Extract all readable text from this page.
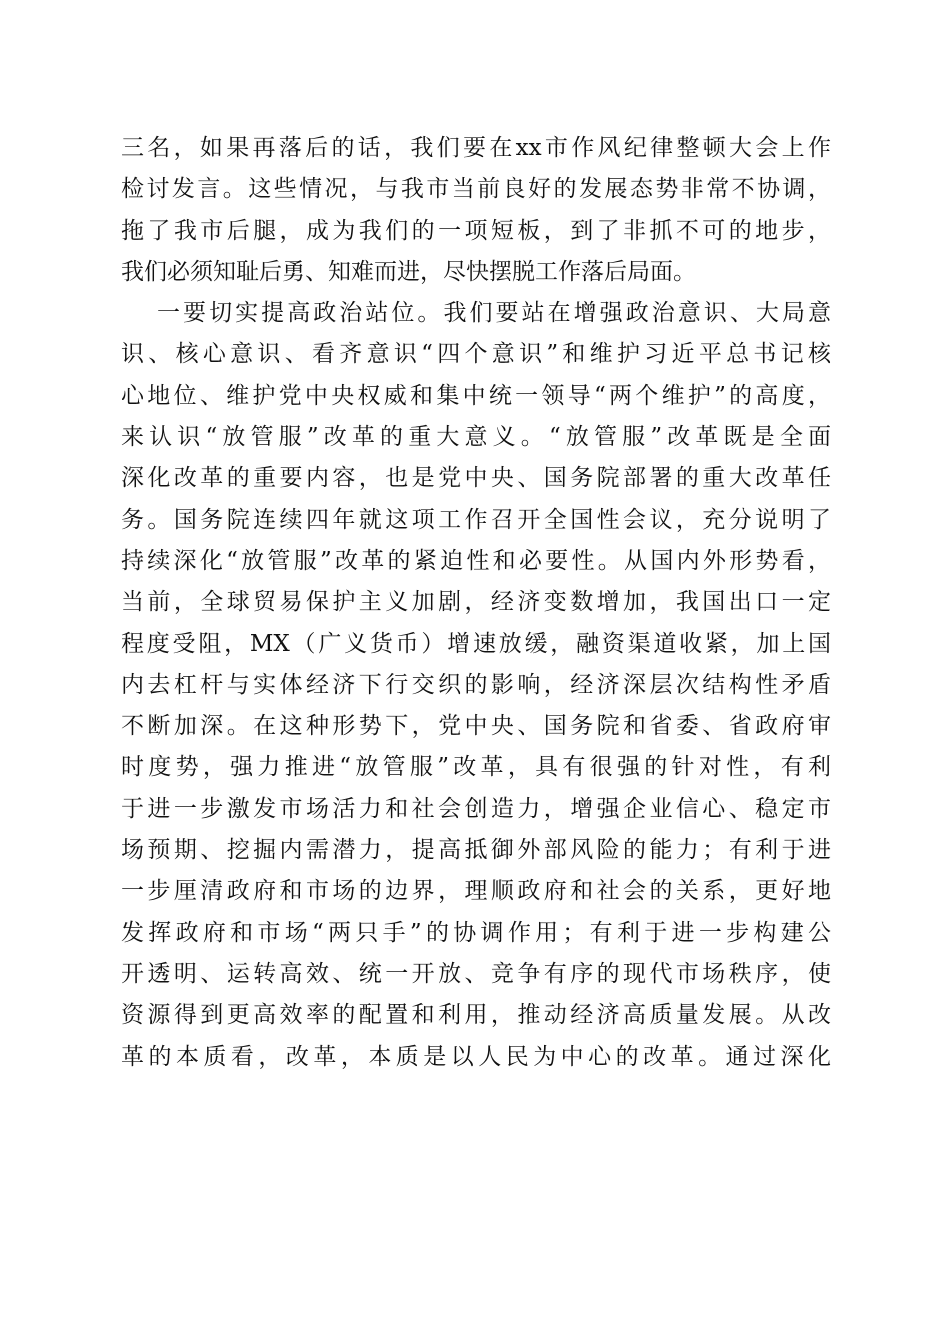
三名，如果再落后的话，我们要在xx市作风纪律整顿大会上作
检讨发言。这些情况，与我市当前良好的发展态势非常不协调，
拖了我市后腿，成为我们的一项短板，到了非抓不可的地步，
我们必须知耻后勇、知难而进，尽快摆脱工作落后局面。
一要切实提高政治站位。我们要站在增强政治意识、大局意
识、核心意识、看齐意识“四个意识”和维护习近平总书记核
心地位、维护党中央权威和集中统一领导“两个维护”的高度，
来认识“放管服”改革的重大意义。“放管服”改革既是全面
深化改革的重要内容，也是党中央、国务院部署的重大改革任
务。国务院连续四年就这项工作召开全国性会议，充分说明了
持续深化“放管服”改革的紧迫性和必要性。从国内外形势看，
当前，全球贸易保护主义加剧，经济变数增加，我国出口一定
程度受阻，MX（广义货币）增速放缓，融资渠道收紧，加上国
内去杠杆与实体经济下行交织的影响，经济深层次结构性矛盾
不断加深。在这种形势下，党中央、国务院和省委、省政府审
时度势，强力推进“放管服”改革，具有很强的针对性，有利
于进一步激发市场活力和社会创造力，增强企业信心、稳定市
场预期、挖掘内需潜力，提高抵御外部风险的能力；有利于进
一步厘清政府和市场的边界，理顺政府和社会的关系，更好地
发挥政府和市场“两只手”的协调作用；有利于进一步构建公
开透明、运转高效、统一开放、竞争有序的现代市场秩序，使
资源得到更高效率的配置和利用，推动经济高质量发展。从改
革的本质看，改革，本质是以人民为中心的改革。通过深化
